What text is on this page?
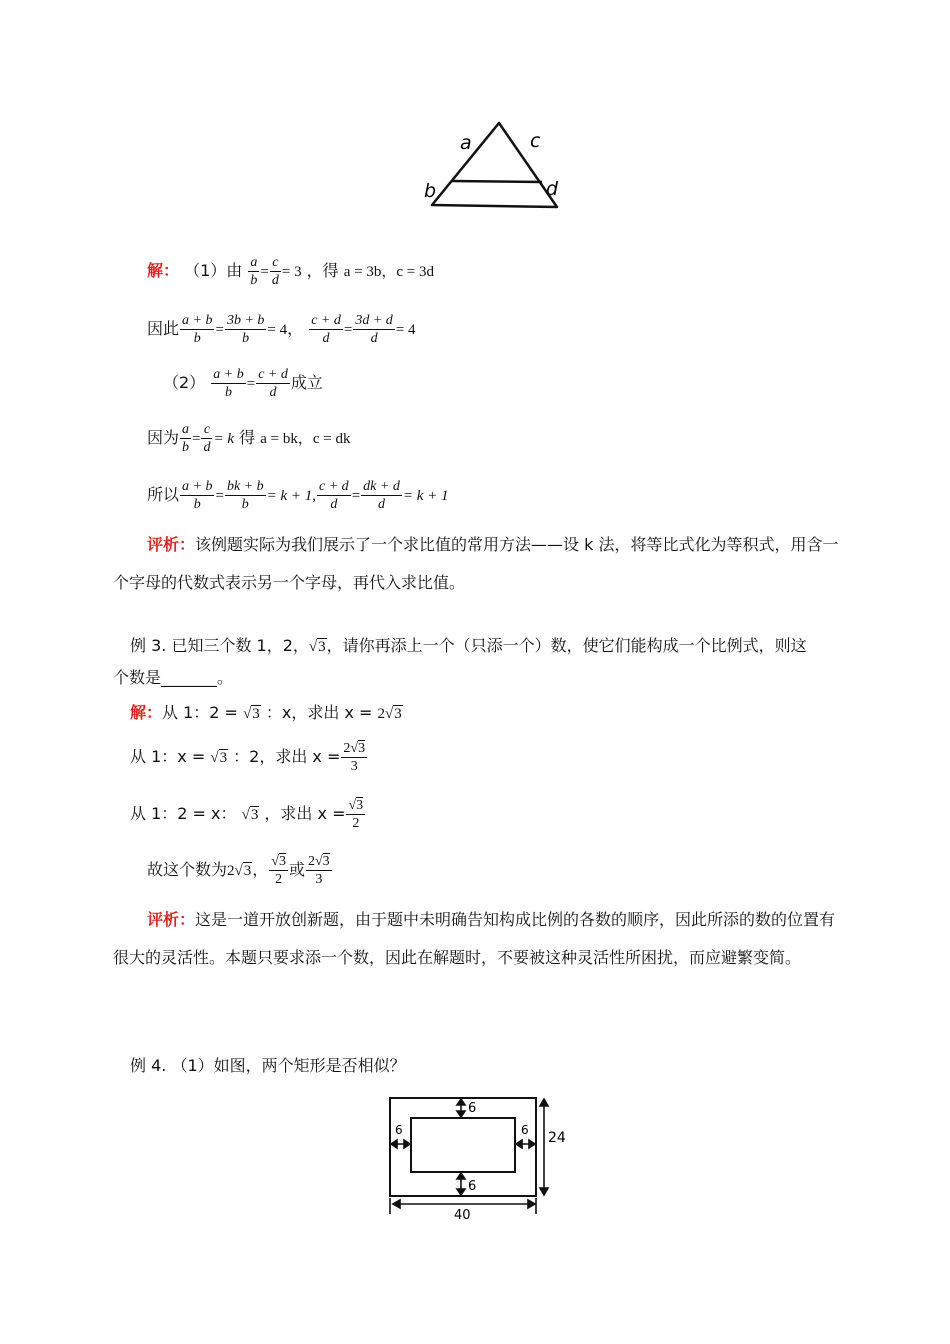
a	c
b	d
解： （1）由 $\frac{a}{b} = \frac{c}{d} = 3$ ，得 a = 3b，c = 3d
因此 $\frac{a + b}{b} = \frac{3b + b}{b} = 4$， $\frac{c + d}{d} = \frac{3d + d}{d} = 4$
$(2) \frac{a + b}{b} = \frac{c + d}{d}$ 成立
因为 $\frac{a}{b} = \frac{c}{d} = k$ 得 a = bk，c = dk
所以 $\frac{a + b}{b} = \frac{bk + b}{b} = k + 1$, $\frac{c + d}{d} = \frac{dk + d}{d} = k + 1$
评析：该例题实际为我们展示了一个求比值的常用方法——设 k 法，将等比式化为等积式，用含一个字母的代数式表示另一个字母，再代入求比值。
例 3. 已知三个数 1，2，√3，请你再添上一个（只添一个）数，使它们能构成一个比例式，则这
个数是_______。
解：从 1：2 = √3 ：x，求出 x = 2√3
从 1：x = √3 ：2，求出 $x = \frac{2√3}{3}$
从 1：2 = x： √3 ，求出 $x = \frac{√3}{2}$
故这个数为2√3， $\frac{√3}{2}$ 或 $\frac{2√3}{3}$
评析：这是一道开放创新题，由于题中未明确告知构成比例的各数的顺序，因此所添的数的位置有很大的灵活性。本题只要求添一个数，因此在解题时，不要被这种灵活性所困扰，而应避繁变简。
例 4. （1）如图，两个矩形是否相似？
6
6	6
6
24
40
